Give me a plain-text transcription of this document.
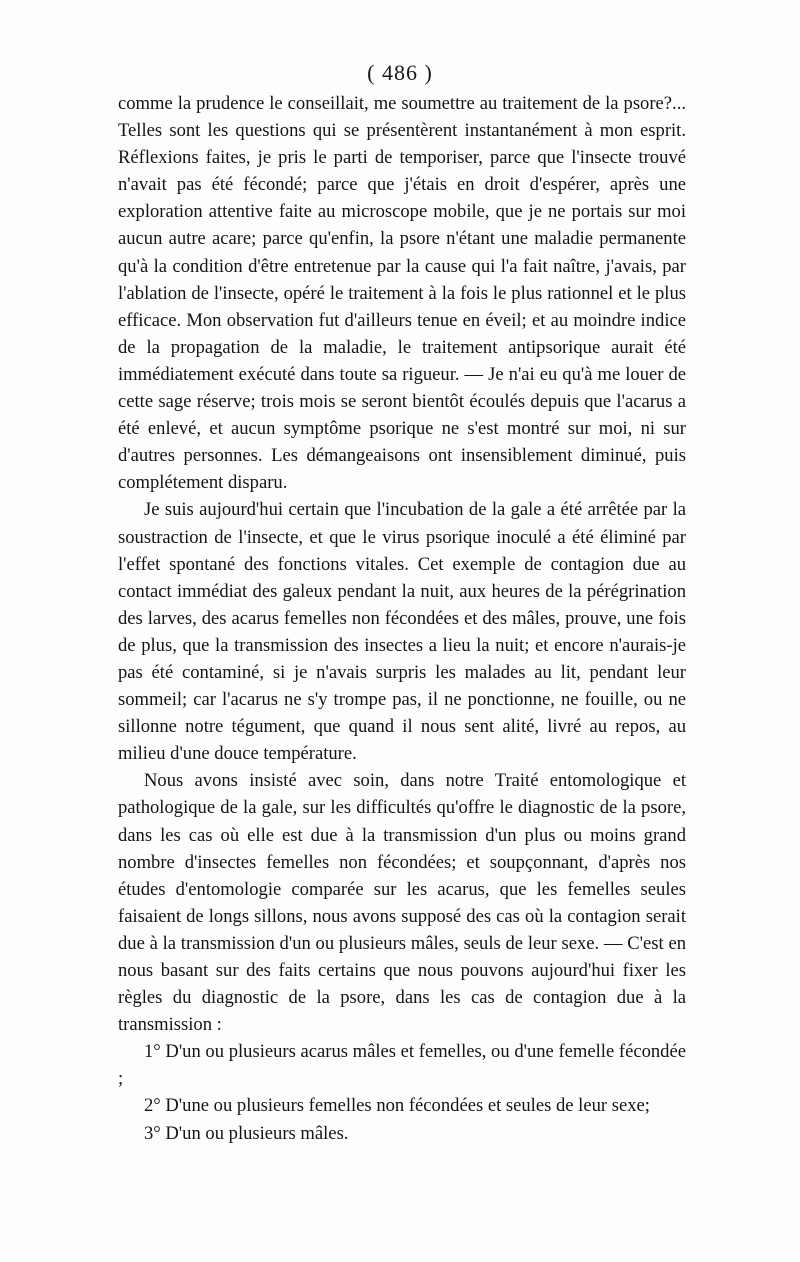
( 486 )

comme la prudence le conseillait, me soumettre au traitement de la psore?... Telles sont les questions qui se présentèrent instantanément à mon esprit. Réflexions faites, je pris le parti de temporiser, parce que l'insecte trouvé n'avait pas été fécondé; parce que j'étais en droit d'espérer, après une exploration attentive faite au microscope mobile, que je ne portais sur moi aucun autre acare; parce qu'enfin, la psore n'étant une maladie permanente qu'à la condition d'être entretenue par la cause qui l'a fait naître, j'avais, par l'ablation de l'insecte, opéré le traitement à la fois le plus rationnel et le plus efficace. Mon observation fut d'ailleurs tenue en éveil; et au moindre indice de la propagation de la maladie, le traitement antipsorique aurait été immédiatement exécuté dans toute sa rigueur. — Je n'ai eu qu'à me louer de cette sage réserve; trois mois se seront bientôt écoulés depuis que l'acarus a été enlevé, et aucun symptôme psorique ne s'est montré sur moi, ni sur d'autres personnes. Les démangeaisons ont insensiblement diminué, puis complétement disparu.

Je suis aujourd'hui certain que l'incubation de la gale a été arrêtée par la soustraction de l'insecte, et que le virus psorique inoculé a été éliminé par l'effet spontané des fonctions vitales. Cet exemple de contagion due au contact immédiat des galeux pendant la nuit, aux heures de la pérégrination des larves, des acarus femelles non fécondées et des mâles, prouve, une fois de plus, que la transmission des insectes a lieu la nuit; et encore n'aurais-je pas été contaminé, si je n'avais surpris les malades au lit, pendant leur sommeil; car l'acarus ne s'y trompe pas, il ne ponctionne, ne fouille, ou ne sillonne notre tégument, que quand il nous sent alité, livré au repos, au milieu d'une douce température.

Nous avons insisté avec soin, dans notre Traité entomologique et pathologique de la gale, sur les difficultés qu'offre le diagnostic de la psore, dans les cas où elle est due à la transmission d'un plus ou moins grand nombre d'insectes femelles non fécondées; et soupçonnant, d'après nos études d'entomologie comparée sur les acarus, que les femelles seules faisaient de longs sillons, nous avons supposé des cas où la contagion serait due à la transmission d'un ou plusieurs mâles, seuls de leur sexe. — C'est en nous basant sur des faits certains que nous pouvons aujourd'hui fixer les règles du diagnostic de la psore, dans les cas de contagion due à la transmission :

1° D'un ou plusieurs acarus mâles et femelles, ou d'une femelle fécondée ;

2° D'une ou plusieurs femelles non fécondées et seules de leur sexe;

3° D'un ou plusieurs mâles.
